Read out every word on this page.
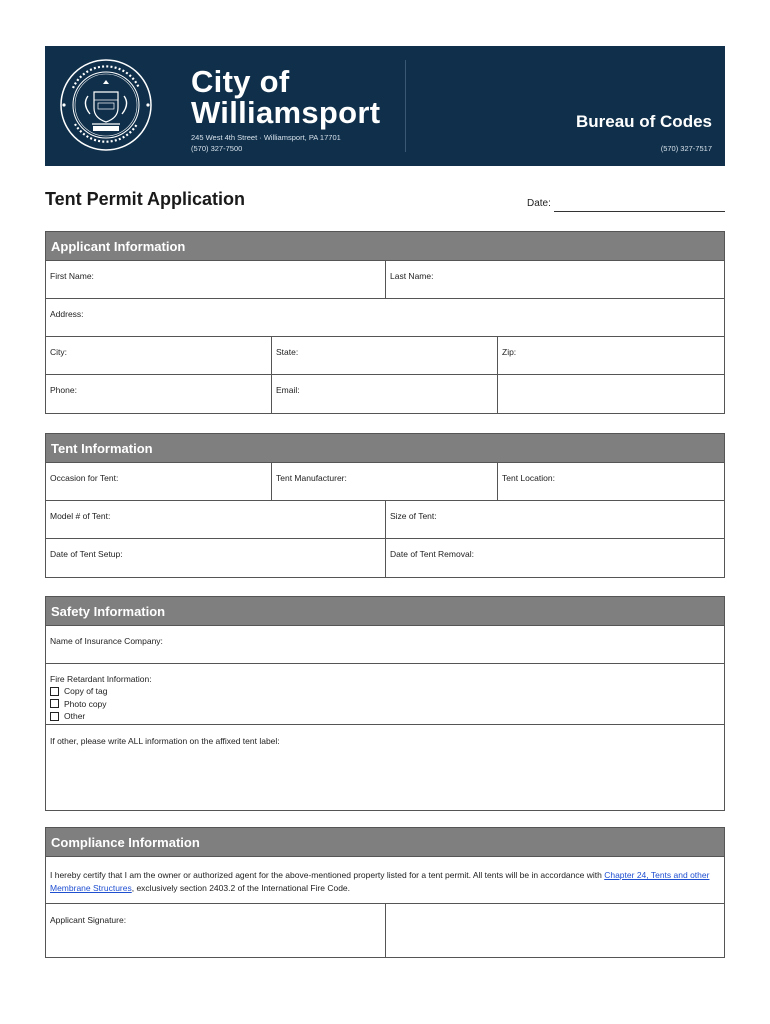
City of
Williamsport
245 West 4th Street · Williamsport, PA 17701
(570) 327-7500
Bureau of Codes
(570) 327-7517
Tent Permit Application	Date:
Applicant Information
First Name:	Last Name:
Address:
City:	State:	Zip:
Phone:	Email:
Tent Information
Occasion for Tent:	Tent Manufacturer:	Tent Location:
Model # of Tent:	Size of Tent:
Date of Tent Setup:	Date of Tent Removal:
Safety Information
Name of Insurance Company:
Fire Retardant Information:
Copy of tag
Photo copy
Other
If other, please write ALL information on the affixed tent label:
Compliance Information
I hereby certify that I am the owner or authorized agent for the above-mentioned property listed for a tent permit. All tents will be in accordance with Chapter 24, Tents and other Membrane Structures, exclusively section 2403.2 of the International Fire Code.
Applicant Signature:
